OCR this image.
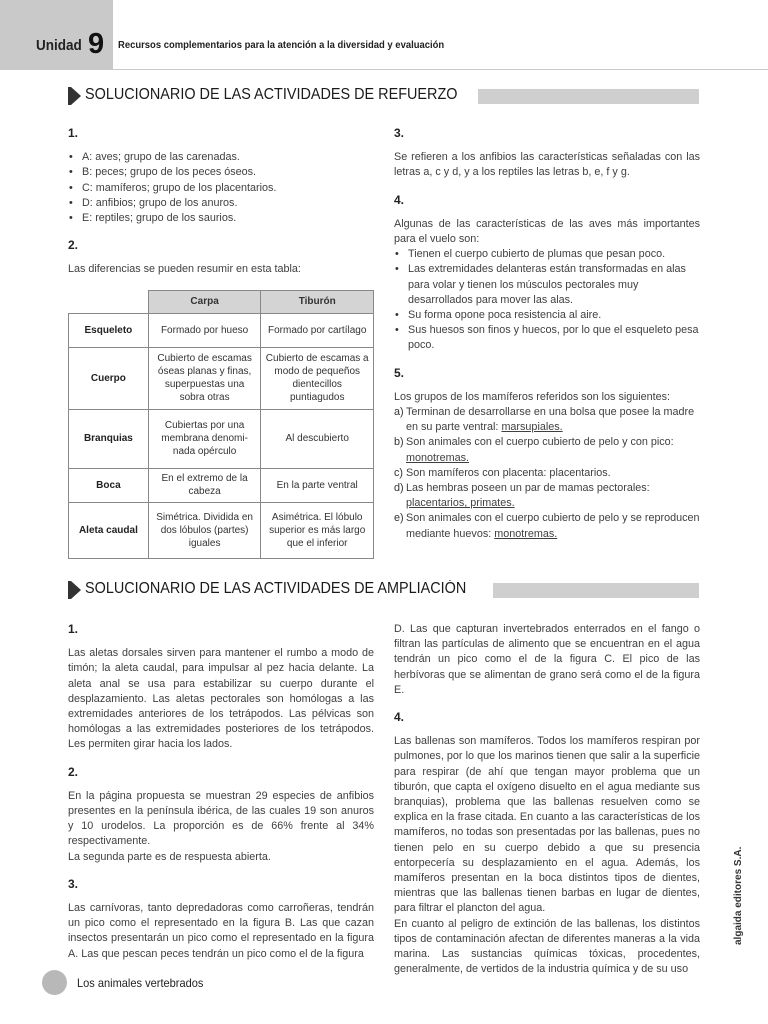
Unidad 9 Recursos complementarios para la atención a la diversidad y evaluación
SOLUCIONARIO DE LAS ACTIVIDADES DE REFUERZO
1.
• A: aves; grupo de las carenadas.
• B: peces; grupo de los peces óseos.
• C: mamíferos; grupo de los placentarios.
• D: anfibios; grupo de los anuros.
• E: reptiles; grupo de los saurios.
2.
Las diferencias se pueden resumir en esta tabla:
	Carpa	Tiburón
Esqueleto	Formado por hueso	Formado por cartílago
Cuerpo	Cubierto de escamas óseas planas y finas, superpuestas una sobra otras	Cubierto de escamas a modo de pequeños dientecillos puntiagudos
Branquias	Cubiertas por una membrana denomi-nada opérculo	Al descubierto
Boca	En el extremo de la cabeza	En la parte ventral
Aleta caudal	Simétrica. Dividida en dos lóbulos (partes) iguales	Asimétrica. El lóbulo superior es más largo que el inferior
3.
Se refieren a los anfibios las características señaladas con las letras a, c y d, y a los reptiles las letras b, e, f y g.
4.
Algunas de las características de las aves más importantes para el vuelo son:
• Tienen el cuerpo cubierto de plumas que pesan poco.
• Las extremidades delanteras están transformadas en alas para volar y tienen los músculos pectorales muy desarrollados para mover las alas.
• Su forma opone poca resistencia al aire.
• Sus huesos son finos y huecos, por lo que el esqueleto pesa poco.
5.
Los grupos de los mamíferos referidos son los siguientes:
a) Terminan de desarrollarse en una bolsa que posee la madre en su parte ventral: marsupiales.
b) Son animales con el cuerpo cubierto de pelo y con pico: monotremas.
c) Son mamíferos con placenta: placentarios.
d) Las hembras poseen un par de mamas pectorales: placentarios, primates.
e) Son animales con el cuerpo cubierto de pelo y se reproducen mediante huevos: monotremas.
SOLUCIONARIO DE LAS ACTIVIDADES DE AMPLIACIÓN
1.
Las aletas dorsales sirven para mantener el rumbo a modo de timón; la aleta caudal, para impulsar al pez hacia delante. La aleta anal se usa para estabilizar su cuerpo durante el desplazamiento. Las aletas pectorales son homólogas a las extremidades anteriores de los tetrápodos. Las pélvicas son homólogas a las extremidades posteriores de los tetrápodos. Les permiten girar hacia los lados.
2.
En la página propuesta se muestran 29 especies de anfibios presentes en la península ibérica, de las cuales 19 son anuros y 10 urodelos. La proporción es de 66% frente al 34% respectivamente.
La segunda parte es de respuesta abierta.
3.
Las carnívoras, tanto depredadoras como carroñeras, tendrán un pico como el representado en la figura B. Las que cazan insectos presentarán un pico como el representado en la figura A. Las que pescan peces tendrán un pico como el de la figura
D. Las que capturan invertebrados enterrados en el fango o filtran las partículas de alimento que se encuentran en el agua tendrán un pico como el de la figura C. El pico de las herbívoras que se alimentan de grano será como el de la figura E.
4.
Las ballenas son mamíferos. Todos los mamíferos respiran por pulmones, por lo que los marinos tienen que salir a la superficie para respirar (de ahí que tengan mayor problema que un tiburón, que capta el oxígeno disuelto en el agua mediante sus branquias), problema que las ballenas resuelven como se explica en la frase citada. En cuanto a las características de los mamíferos, no todas son presentadas por las ballenas, pues no tienen pelo en su cuerpo debido a que su presencia entorpecería su desplazamiento en el agua. Además, los mamíferos presentan en la boca distintos tipos de dientes, mientras que las ballenas tienen barbas en lugar de dientes, para filtrar el plancton del agua.
En cuanto al peligro de extinción de las ballenas, los distintos tipos de contaminación afectan de diferentes maneras a la vida marina. Las sustancias químicas tóxicas, procedentes, generalmente, de vertidos de la industria química y de su uso
Los animales vertebrados
algaida editores S.A.
